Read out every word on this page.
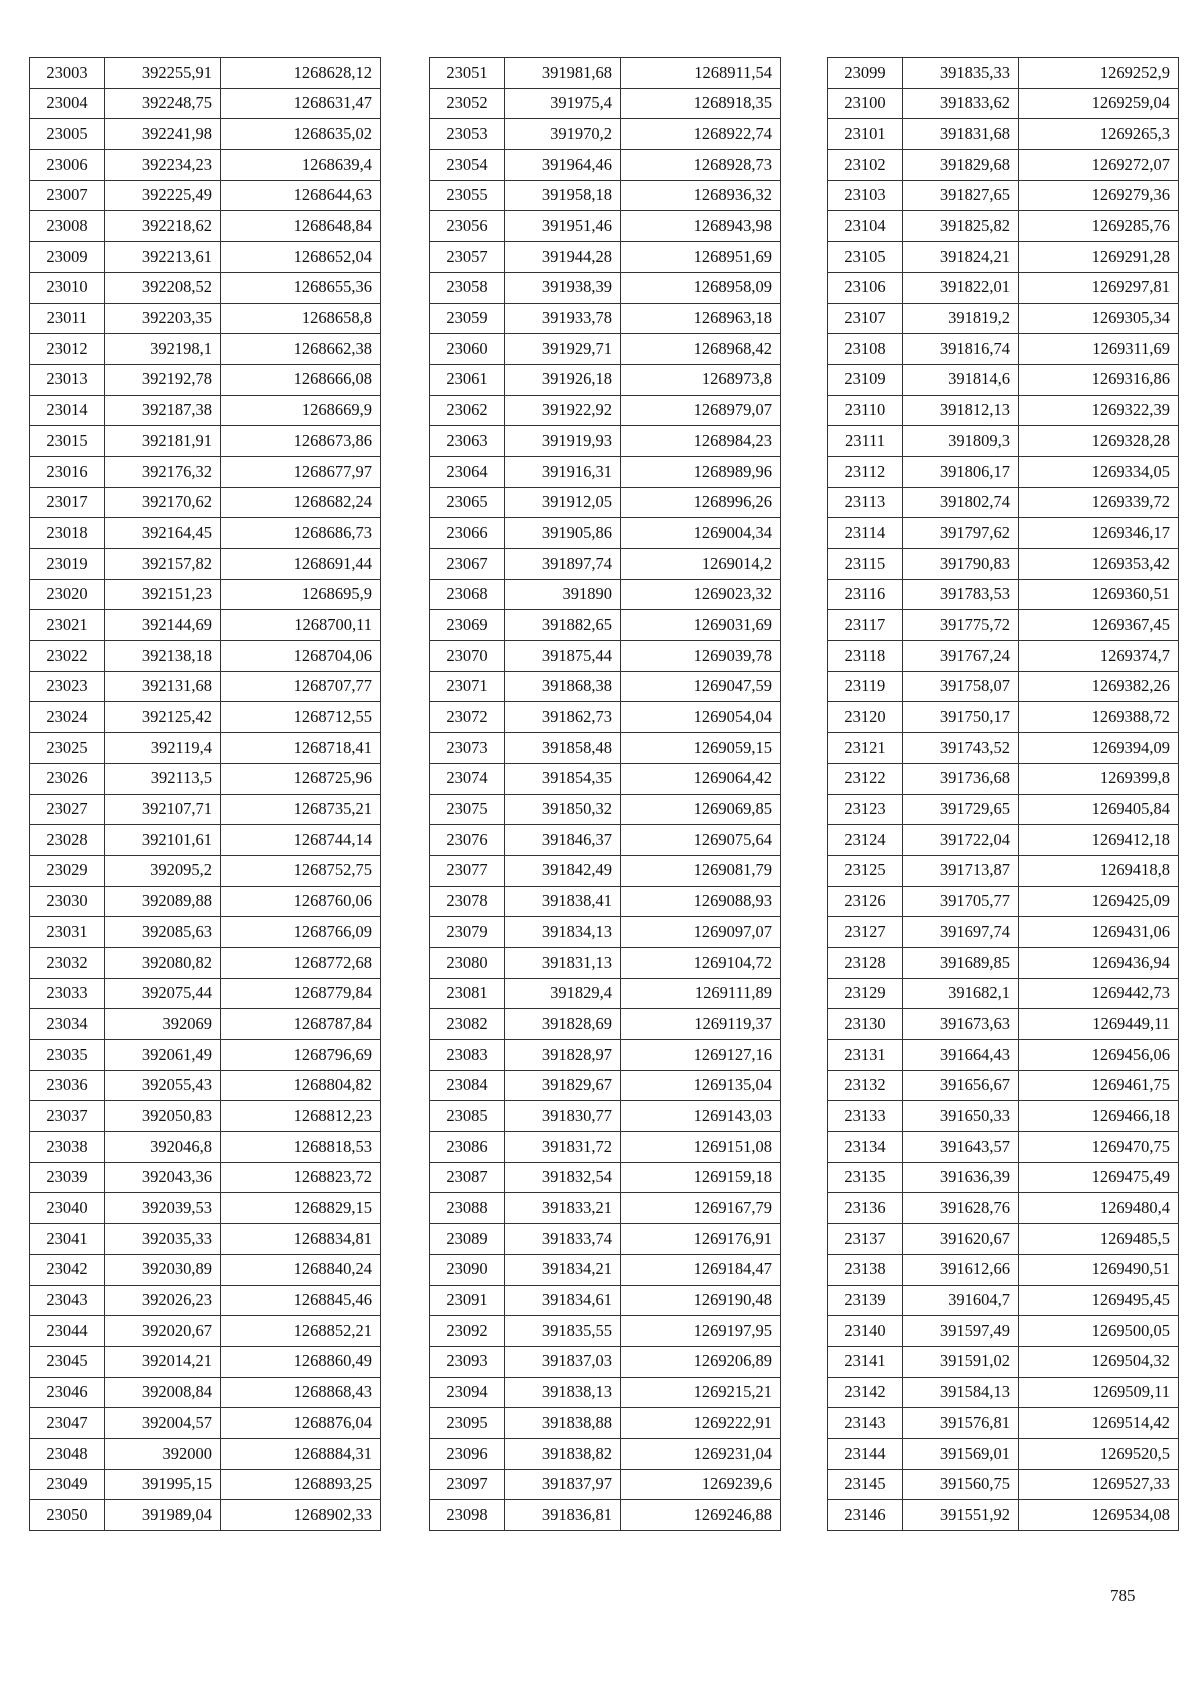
23003	392255,91	1268628,12
23004	392248,75	1268631,47
23005	392241,98	1268635,02
23006	392234,23	1268639,4
23007	392225,49	1268644,63
23008	392218,62	1268648,84
23009	392213,61	1268652,04
23010	392208,52	1268655,36
23011	392203,35	1268658,8
23012	392198,1	1268662,38
23013	392192,78	1268666,08
23014	392187,38	1268669,9
23015	392181,91	1268673,86
23016	392176,32	1268677,97
23017	392170,62	1268682,24
23018	392164,45	1268686,73
23019	392157,82	1268691,44
23020	392151,23	1268695,9
23021	392144,69	1268700,11
23022	392138,18	1268704,06
23023	392131,68	1268707,77
23024	392125,42	1268712,55
23025	392119,4	1268718,41
23026	392113,5	1268725,96
23027	392107,71	1268735,21
23028	392101,61	1268744,14
23029	392095,2	1268752,75
23030	392089,88	1268760,06
23031	392085,63	1268766,09
23032	392080,82	1268772,68
23033	392075,44	1268779,84
23034	392069	1268787,84
23035	392061,49	1268796,69
23036	392055,43	1268804,82
23037	392050,83	1268812,23
23038	392046,8	1268818,53
23039	392043,36	1268823,72
23040	392039,53	1268829,15
23041	392035,33	1268834,81
23042	392030,89	1268840,24
23043	392026,23	1268845,46
23044	392020,67	1268852,21
23045	392014,21	1268860,49
23046	392008,84	1268868,43
23047	392004,57	1268876,04
23048	392000	1268884,31
23049	391995,15	1268893,25
23050	391989,04	1268902,33
23051	391981,68	1268911,54
23052	391975,4	1268918,35
23053	391970,2	1268922,74
23054	391964,46	1268928,73
23055	391958,18	1268936,32
23056	391951,46	1268943,98
23057	391944,28	1268951,69
23058	391938,39	1268958,09
23059	391933,78	1268963,18
23060	391929,71	1268968,42
23061	391926,18	1268973,8
23062	391922,92	1268979,07
23063	391919,93	1268984,23
23064	391916,31	1268989,96
23065	391912,05	1268996,26
23066	391905,86	1269004,34
23067	391897,74	1269014,2
23068	391890	1269023,32
23069	391882,65	1269031,69
23070	391875,44	1269039,78
23071	391868,38	1269047,59
23072	391862,73	1269054,04
23073	391858,48	1269059,15
23074	391854,35	1269064,42
23075	391850,32	1269069,85
23076	391846,37	1269075,64
23077	391842,49	1269081,79
23078	391838,41	1269088,93
23079	391834,13	1269097,07
23080	391831,13	1269104,72
23081	391829,4	1269111,89
23082	391828,69	1269119,37
23083	391828,97	1269127,16
23084	391829,67	1269135,04
23085	391830,77	1269143,03
23086	391831,72	1269151,08
23087	391832,54	1269159,18
23088	391833,21	1269167,79
23089	391833,74	1269176,91
23090	391834,21	1269184,47
23091	391834,61	1269190,48
23092	391835,55	1269197,95
23093	391837,03	1269206,89
23094	391838,13	1269215,21
23095	391838,88	1269222,91
23096	391838,82	1269231,04
23097	391837,97	1269239,6
23098	391836,81	1269246,88
23099	391835,33	1269252,9
23100	391833,62	1269259,04
23101	391831,68	1269265,3
23102	391829,68	1269272,07
23103	391827,65	1269279,36
23104	391825,82	1269285,76
23105	391824,21	1269291,28
23106	391822,01	1269297,81
23107	391819,2	1269305,34
23108	391816,74	1269311,69
23109	391814,6	1269316,86
23110	391812,13	1269322,39
23111	391809,3	1269328,28
23112	391806,17	1269334,05
23113	391802,74	1269339,72
23114	391797,62	1269346,17
23115	391790,83	1269353,42
23116	391783,53	1269360,51
23117	391775,72	1269367,45
23118	391767,24	1269374,7
23119	391758,07	1269382,26
23120	391750,17	1269388,72
23121	391743,52	1269394,09
23122	391736,68	1269399,8
23123	391729,65	1269405,84
23124	391722,04	1269412,18
23125	391713,87	1269418,8
23126	391705,77	1269425,09
23127	391697,74	1269431,06
23128	391689,85	1269436,94
23129	391682,1	1269442,73
23130	391673,63	1269449,11
23131	391664,43	1269456,06
23132	391656,67	1269461,75
23133	391650,33	1269466,18
23134	391643,57	1269470,75
23135	391636,39	1269475,49
23136	391628,76	1269480,4
23137	391620,67	1269485,5
23138	391612,66	1269490,51
23139	391604,7	1269495,45
23140	391597,49	1269500,05
23141	391591,02	1269504,32
23142	391584,13	1269509,11
23143	391576,81	1269514,42
23144	391569,01	1269520,5
23145	391560,75	1269527,33
23146	391551,92	1269534,08
785
